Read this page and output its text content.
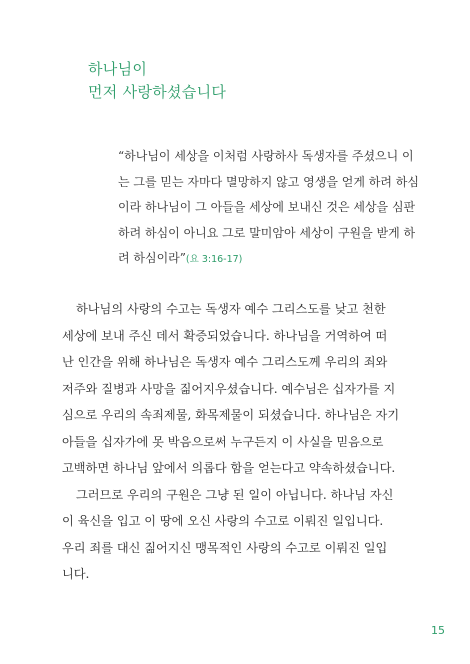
하나님이
먼저 사랑하셨습니다
“하나님이 세상을 이처럼 사랑하사 독생자를 주셨으니 이
는 그를 믿는 자마다 멸망하지 않고 영생을 얻게 하려 하심
이라 하나님이 그 아들을 세상에 보내신 것은 세상을 심판
하려 하심이 아니요 그로 말미암아 세상이 구원을 받게 하
려 하심이라”(요 3:16-17)
하나님의 사랑의 수고는 독생자 예수 그리스도를 낮고 천한
세상에 보내 주신 데서 확증되었습니다. 하나님을 거역하여 떠
난 인간을 위해 하나님은 독생자 예수 그리스도께 우리의 죄와
저주와 질병과 사망을 짊어지우셨습니다. 예수님은 십자가를 지
심으로 우리의 속죄제물, 화목제물이 되셨습니다. 하나님은 자기
아들을 십자가에 못 박음으로써 누구든지 이 사실을 믿음으로
고백하면 하나님 앞에서 의롭다 함을 얻는다고 약속하셨습니다.
그러므로 우리의 구원은 그냥 된 일이 아닙니다. 하나님 자신
이 육신을 입고 이 땅에 오신 사랑의 수고로 이뤄진 일입니다.
우리 죄를 대신 짊어지신 맹목적인 사랑의 수고로 이뤄진 일입
니다.
15
